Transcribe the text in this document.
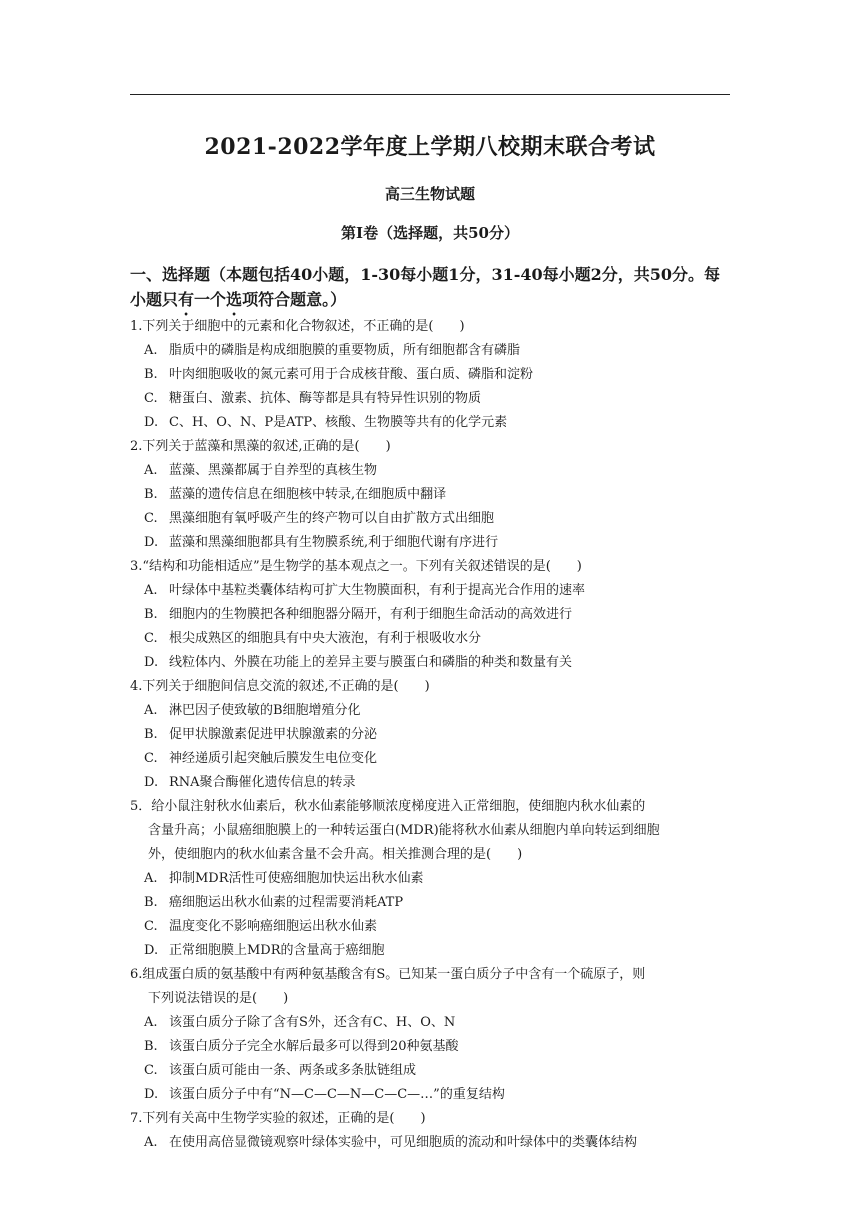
2021-2022学年度上学期八校期末联合考试
高三生物试题
第Ⅰ卷（选择题，共50分）
一、选择题（本题包括40小题，1-30每小题1分，31-40每小题2分，共50分。每小题只有一个选项符合题意。）

1.下列关于细胞中的元素和化合物叙述，不正确的是(　　)

A. 脂质中的磷脂是构成细胞膜的重要物质，所有细胞都含有磷脂

B. 叶肉细胞吸收的氮元素可用于合成核苷酸、蛋白质、磷脂和淀粉

C. 糖蛋白、激素、抗体、酶等都是具有特异性识别的物质

D. C、H、O、N、P是ATP、核酸、生物膜等共有的化学元素

2.下列关于蓝藻和黑藻的叙述,正确的是(　　)

A. 蓝藻、黑藻都属于自养型的真核生物

B. 蓝藻的遗传信息在细胞核中转录,在细胞质中翻译

C. 黑藻细胞有氧呼吸产生的终产物可以自由扩散方式出细胞

D. 蓝藻和黑藻细胞都具有生物膜系统,利于细胞代谢有序进行

3.“结构和功能相适应”是生物学的基本观点之一。下列有关叙述错误的是(　　)

A. 叶绿体中基粒类囊体结构可扩大生物膜面积，有利于提高光合作用的速率

B. 细胞内的生物膜把各种细胞器分隔开，有利于细胞生命活动的高效进行

C. 根尖成熟区的细胞具有中央大液泡，有利于根吸收水分

D. 线粒体内、外膜在功能上的差异主要与膜蛋白和磷脂的种类和数量有关

4.下列关于细胞间信息交流的叙述,不正确的是(　　)

A. 淋巴因子使致敏的B细胞增殖分化

B. 促甲状腺激素促进甲状腺激素的分泌

C. 神经递质引起突触后膜发生电位变化

D. RNA聚合酶催化遗传信息的转录

5．给小鼠注射秋水仙素后，秋水仙素能够顺浓度梯度进入正常细胞，使细胞内秋水仙素的
含量升高；小鼠癌细胞膜上的一种转运蛋白(MDR)能将秋水仙素从细胞内单向转运到细胞
外，使细胞内的秋水仙素含量不会升高。相关推测合理的是(　　)

A. 抑制MDR活性可使癌细胞加快运出秋水仙素

B. 癌细胞运出秋水仙素的过程需要消耗ATP

C. 温度变化不影响癌细胞运出秋水仙素

D. 正常细胞膜上MDR的含量高于癌细胞

6.组成蛋白质的氨基酸中有两种氨基酸含有S。已知某一蛋白质分子中含有一个硫原子，则
下列说法错误的是(　　)

A. 该蛋白质分子除了含有S外，还含有C、H、O、N

B. 该蛋白质分子完全水解后最多可以得到20种氨基酸

C. 该蛋白质可能由一条、两条或多条肽链组成

D. 该蛋白质分子中有“N—C—C—N—C—C—…”的重复结构

7.下列有关高中生物学实验的叙述，正确的是(　　)

A. 在使用高倍显微镜观察叶绿体实验中，可见细胞质的流动和叶绿体中的类囊体结构
